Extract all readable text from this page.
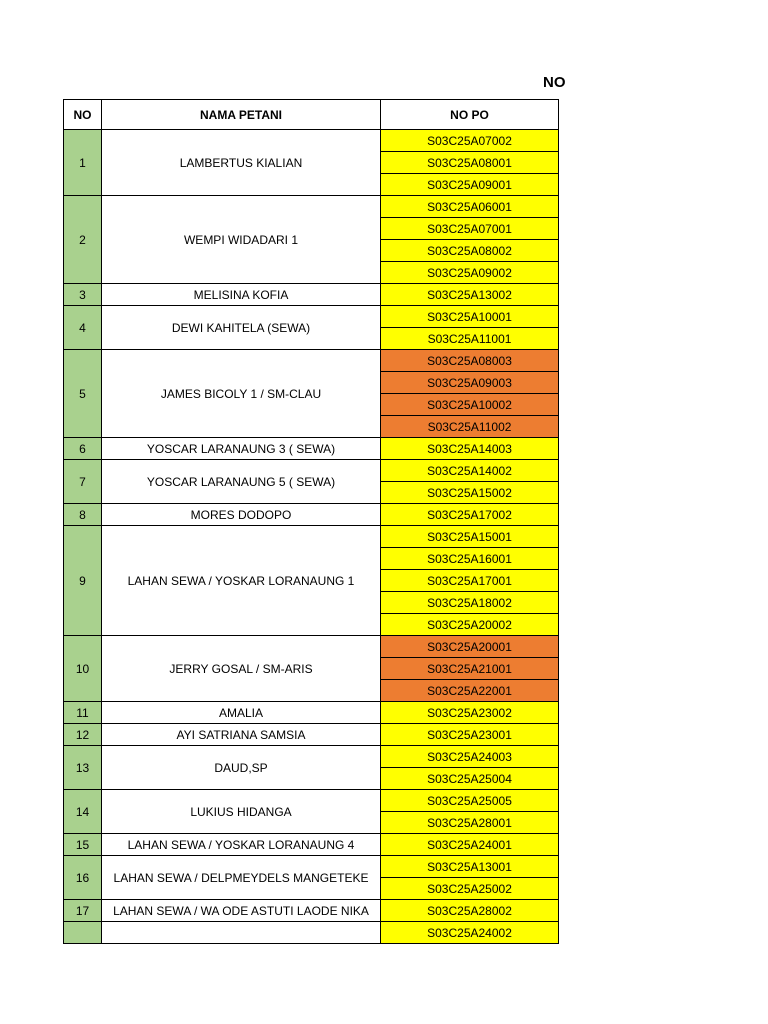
NO
NO	NAMA PETANI	NO PO
1	LAMBERTUS KIALIAN	S03C25A07002
		S03C25A08001
		S03C25A09001
2	WEMPI WIDADARI 1	S03C25A06001
		S03C25A07001
		S03C25A08002
		S03C25A09002
3	MELISINA KOFIA	S03C25A13002
4	DEWI KAHITELA (SEWA)	S03C25A10001
		S03C25A11001
5	JAMES BICOLY 1 / SM-CLAU	S03C25A08003
		S03C25A09003
		S03C25A10002
		S03C25A11002
6	YOSCAR LARANAUNG 3 ( SEWA)	S03C25A14003
7	YOSCAR LARANAUNG 5 ( SEWA)	S03C25A14002
		S03C25A15002
8	MORES DODOPO	S03C25A17002
9	LAHAN SEWA / YOSKAR LORANAUNG 1	S03C25A15001
		S03C25A16001
		S03C25A17001
		S03C25A18002
		S03C25A20002
10	JERRY GOSAL / SM-ARIS	S03C25A20001
		S03C25A21001
		S03C25A22001
11	AMALIA	S03C25A23002
12	AYI SATRIANA SAMSIA	S03C25A23001
13	DAUD,SP	S03C25A24003
		S03C25A25004
14	LUKIUS HIDANGA	S03C25A25005
		S03C25A28001
15	LAHAN SEWA / YOSKAR LORANAUNG 4	S03C25A24001
16	LAHAN SEWA / DELPMEYDELS MANGETEKE	S03C25A13001
		S03C25A25002
17	LAHAN SEWA / WA ODE ASTUTI LAODE NIKA	S03C25A28002
		S03C25A24002
